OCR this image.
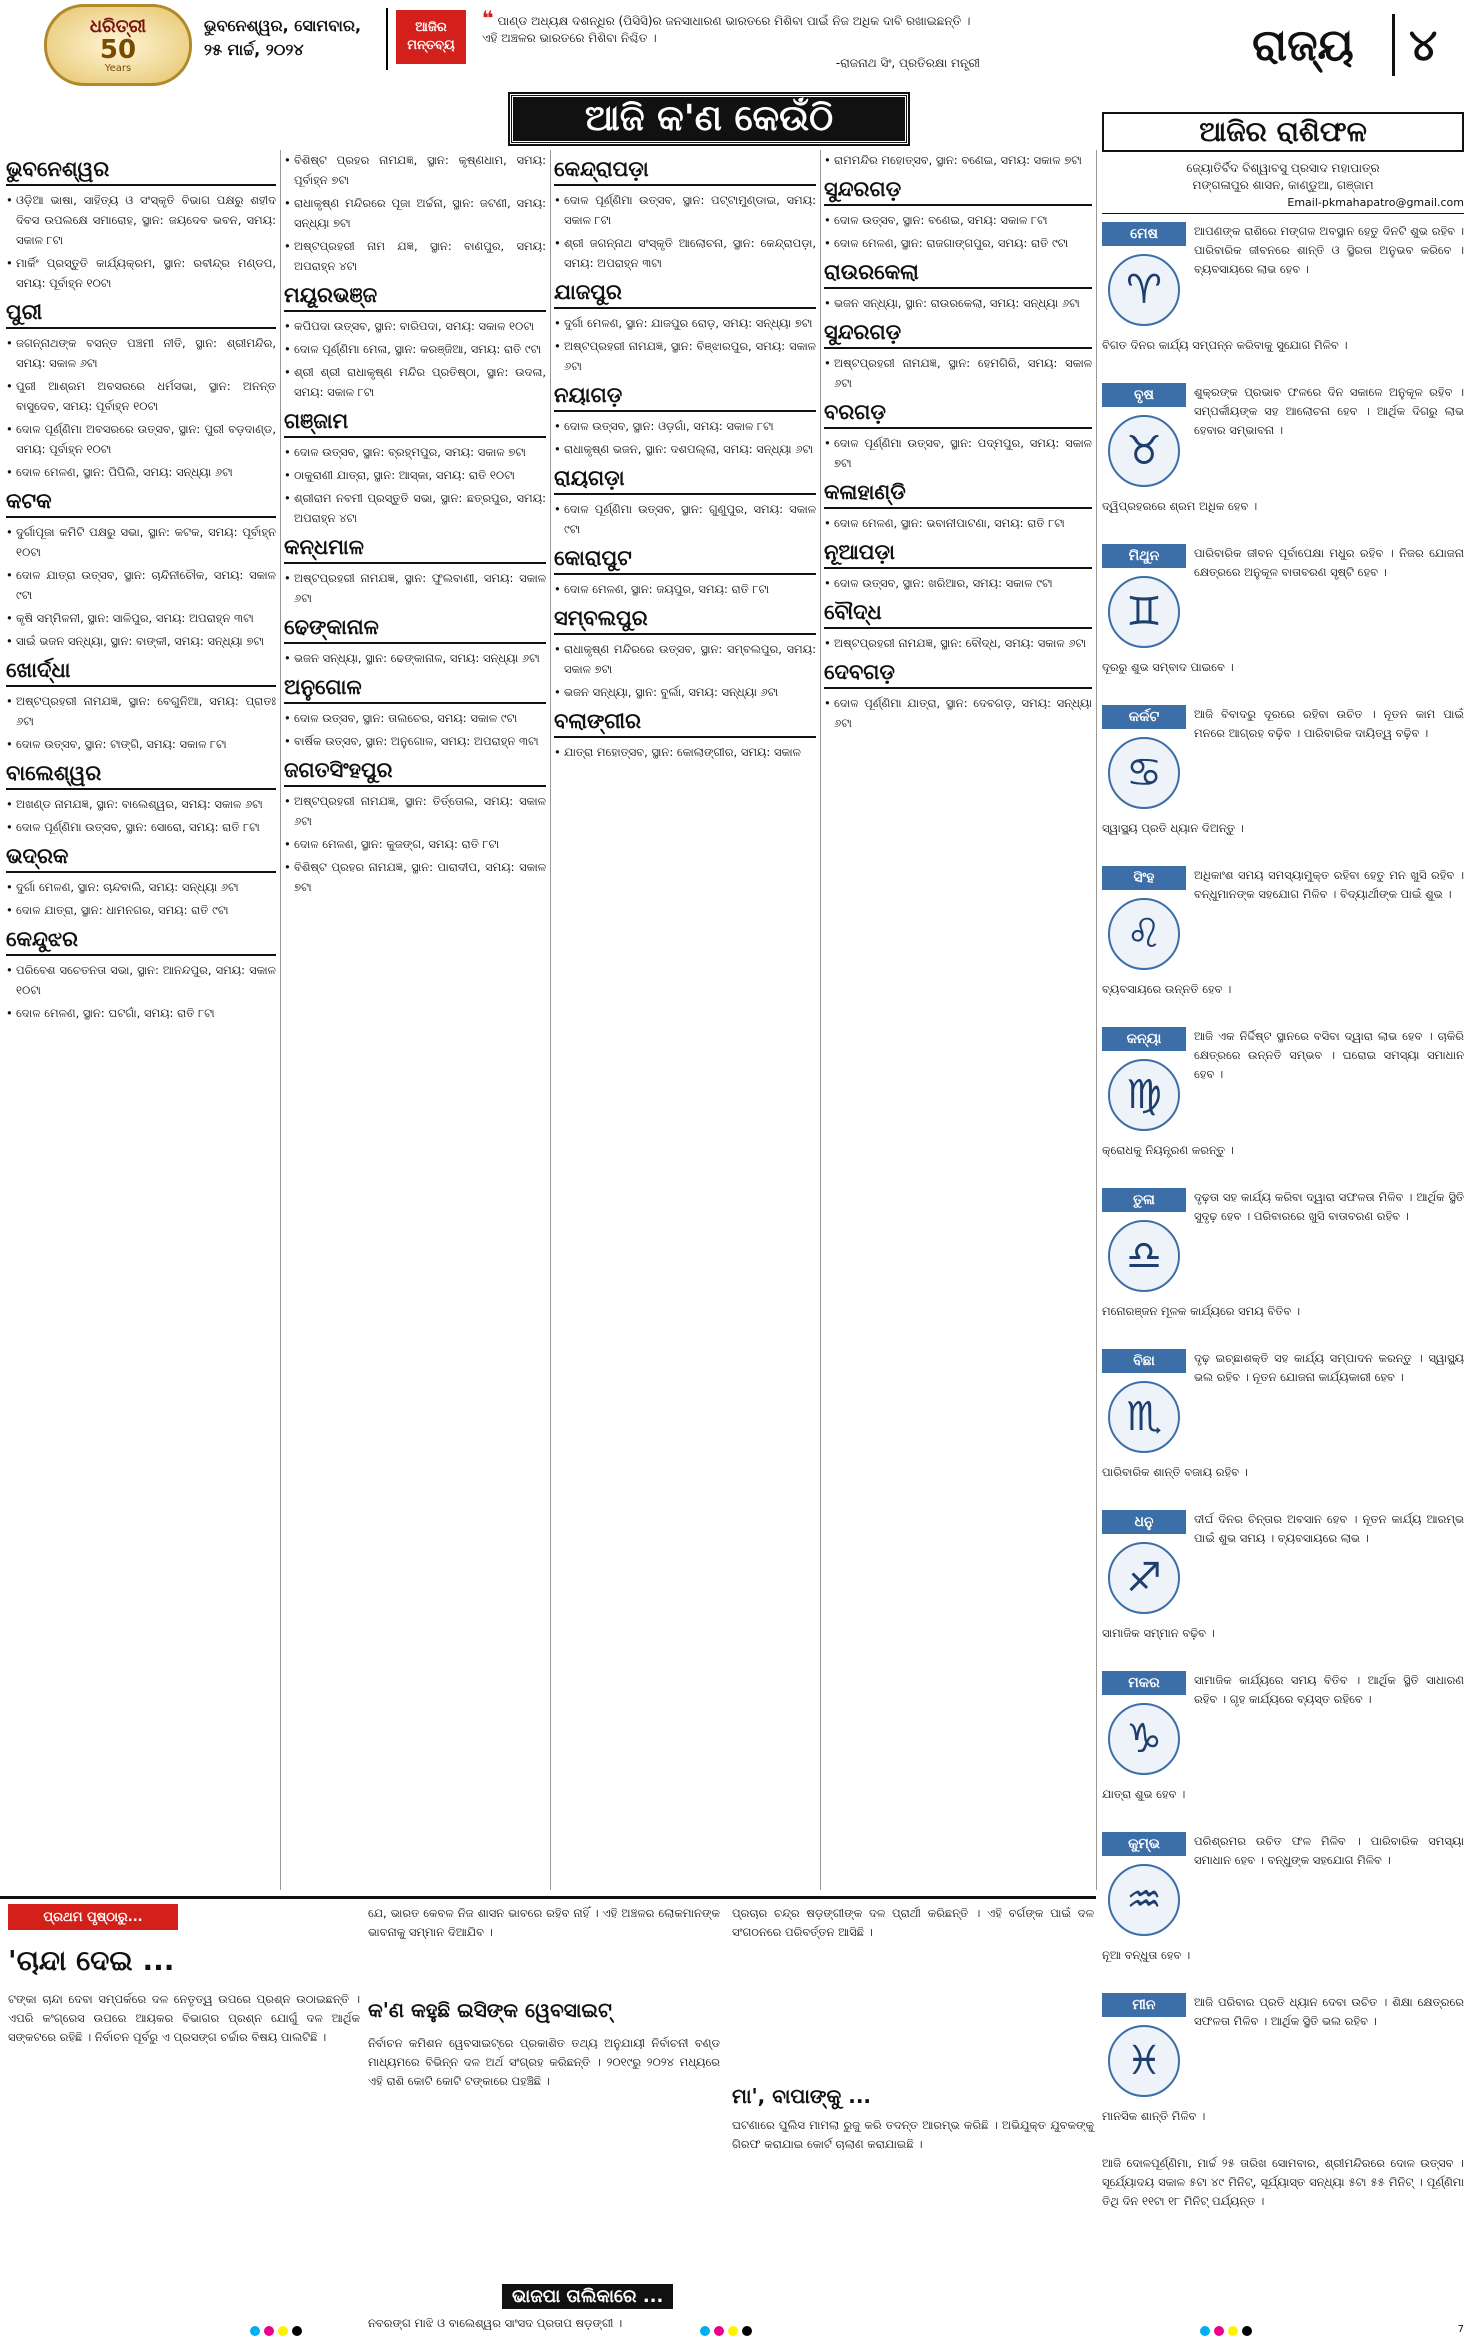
ଧରିତ୍ରୀ
50
Years
ଭୁବନେଶ୍ୱର, ସୋମବାର,
୨୫ ମାର୍ଚ୍ଚ, ୨୦୨୪
ଆଜିର
ମନ୍ତବ୍ୟ
❝ ପାଣ୍ଡ ଅଧ୍ୟକ୍ଷ ଦଶନ୍ଧିର (ପିସିସି)ର ଜନସାଧାରଣ ଭାରତରେ ମିଶିବା ପାଇଁ ନିଜ ଅଧିକ ଦାବି ରଖାଇଛନ୍ତି । ଏହି ଅଞ୍ଚଳର ଭାରତରେ ମିଶିବା ନିଶ୍ଚିତ ।
-ରାଜନାଥ ସିଂ, ପ୍ରତିରକ୍ଷା ମନ୍ତ୍ରୀ	ରାଜ୍ୟ	୪
ଆଜି କ'ଣ କେଉଁଠି
ଭୁବନେଶ୍ୱର
• ଓଡ଼ିଆ ଭାଷା, ସାହିତ୍ୟ ଓ ସଂସ୍କୃତି ବିଭାଗ ପକ୍ଷରୁ ଶହୀଦ ଦିବସ ଉପଲକ୍ଷେ ସମାରୋହ, ସ୍ଥାନ: ଜୟଦେବ ଭବନ, ସମୟ: ସକାଳ ୮ଟା
• ମାର୍କିଂ ପ୍ରସ୍ତୁତି କାର୍ଯ୍ୟକ୍ରମ, ସ୍ଥାନ: ରବୀନ୍ଦ୍ର ମଣ୍ଡପ, ସମୟ: ପୂର୍ବାହ୍ନ ୧୦ଟା
ପୁରୀ
• ଜଗନ୍ନାଥଙ୍କ ବସନ୍ତ ପଞ୍ଚମୀ ନୀତି, ସ୍ଥାନ: ଶ୍ରୀମନ୍ଦିର, ସମୟ: ସକାଳ ୬ଟା
• ପୁରୀ ଆଶ୍ରମ ଅବସରରେ ଧର୍ମସଭା, ସ୍ଥାନ: ଅନନ୍ତ ବାସୁଦେବ, ସମୟ: ପୂର୍ବାହ୍ନ ୧୦ଟା
• ଦୋଳ ପୂର୍ଣ୍ଣିମା ଅବସରରେ ଉତ୍ସବ, ସ୍ଥାନ: ପୁରୀ ବଡ଼ଦାଣ୍ଡ, ସମୟ: ପୂର୍ବାହ୍ନ ୧୦ଟା
• ଦୋଳ ମେଳଣ, ସ୍ଥାନ: ପିପିଲି, ସମୟ: ସନ୍ଧ୍ୟା ୬ଟା
କଟକ
• ଦୁର୍ଗାପୂଜା କମିଟି ପକ୍ଷରୁ ସଭା, ସ୍ଥାନ: କଟକ, ସମୟ: ପୂର୍ବାହ୍ନ ୧୦ଟା
• ଦୋଳ ଯାତ୍ରା ଉତ୍ସବ, ସ୍ଥାନ: ଚାନ୍ଦିନୀଚୌକ, ସମୟ: ସକାଳ ୯ଟା
• କୃଷି ସମ୍ମିଳନୀ, ସ୍ଥାନ: ସାଳିପୁର, ସମୟ: ଅପରାହ୍ନ ୩ଟା
• ସାଇଁ ଭଜନ ସନ୍ଧ୍ୟା, ସ୍ଥାନ: ବାଙ୍କୀ, ସମୟ: ସନ୍ଧ୍ୟା ୭ଟା
ଖୋର୍ଦ୍ଧା
• ଅଷ୍ଟପ୍ରହରୀ ନାମଯଜ୍ଞ, ସ୍ଥାନ: ବେଗୁନିଆ, ସମୟ: ପ୍ରାତଃ ୬ଟା
• ଦୋଳ ଉତ୍ସବ, ସ୍ଥାନ: ଟାଙ୍ଗି, ସମୟ: ସକାଳ ୮ଟା
ବାଲେଶ୍ୱର
• ଅଖଣ୍ଡ ନାମଯଜ୍ଞ, ସ୍ଥାନ: ବାଲେଶ୍ୱର, ସମୟ: ସକାଳ ୬ଟା
• ଦୋଳ ପୂର୍ଣ୍ଣିମା ଉତ୍ସବ, ସ୍ଥାନ: ସୋରୋ, ସମୟ: ରାତି ୮ଟା
ଭଦ୍ରକ
• ଦୁର୍ଗା ମେଳଣ, ସ୍ଥାନ: ଚାନ୍ଦବାଲି, ସମୟ: ସନ୍ଧ୍ୟା ୬ଟା
• ଦୋଳ ଯାତ୍ରା, ସ୍ଥାନ: ଧାମନଗର, ସମୟ: ରାତି ୯ଟା
କେନ୍ଦୁଝର
• ପରିବେଶ ସଚେତନତା ସଭା, ସ୍ଥାନ: ଆନନ୍ଦପୁର, ସମୟ: ସକାଳ ୧୦ଟା
• ଦୋଳ ମେଳଣ, ସ୍ଥାନ: ଘଟଗାଁ, ସମୟ: ରାତି ୮ଟା
• ବିଶିଷ୍ଟ ପ୍ରହର ନାମଯଜ୍ଞ, ସ୍ଥାନ: କୃଷ୍ଣଧାମ, ସମୟ: ପୂର୍ବାହ୍ନ ୭ଟା
• ରାଧାକୃଷ୍ଣ ମନ୍ଦିରରେ ପୂଜା ଅର୍ଚ୍ଚନା, ସ୍ଥାନ: ଜଟଣୀ, ସମୟ: ସନ୍ଧ୍ୟା ୭ଟା
• ଅଷ୍ଟପ୍ରହରୀ ନାମ ଯଜ୍ଞ, ସ୍ଥାନ: ବାଣପୁର, ସମୟ: ଅପରାହ୍ନ ୪ଟା
ମୟୂରଭଞ୍ଜ
• କପିପଦା ଉତ୍ସବ, ସ୍ଥାନ: ବାରିପଦା, ସମୟ: ସକାଳ ୧୦ଟା
• ଦୋଳ ପୂର୍ଣ୍ଣିମା ମେଳା, ସ୍ଥାନ: କରଞ୍ଜିଆ, ସମୟ: ରାତି ୯ଟା
• ଶ୍ରୀ ଶ୍ରୀ ରାଧାକୃଷ୍ଣ ମନ୍ଦିର ପ୍ରତିଷ୍ଠା, ସ୍ଥାନ: ଉଦଳା, ସମୟ: ସକାଳ ୮ଟା
ଗଞ୍ଜାମ
• ଦୋଳ ଉତ୍ସବ, ସ୍ଥାନ: ବ୍ରହ୍ମପୁର, ସମୟ: ସକାଳ ୭ଟା
• ଠାକୁରାଣୀ ଯାତ୍ରା, ସ୍ଥାନ: ଆସ୍କା, ସମୟ: ରାତି ୧୦ଟା
• ଶ୍ରୀରାମ ନବମୀ ପ୍ରସ୍ତୁତି ସଭା, ସ୍ଥାନ: ଛତ୍ରପୁର, ସମୟ: ଅପରାହ୍ନ ୪ଟା
କନ୍ଧମାଳ
• ଅଷ୍ଟପ୍ରହରୀ ନାମଯଜ୍ଞ, ସ୍ଥାନ: ଫୁଲବାଣୀ, ସମୟ: ସକାଳ ୬ଟା
ଢେଙ୍କାନାଳ
• ଭଜନ ସନ୍ଧ୍ୟା, ସ୍ଥାନ: ଢେଙ୍କାନାଳ, ସମୟ: ସନ୍ଧ୍ୟା ୬ଟା
ଅନୁଗୋଳ
• ଦୋଳ ଉତ୍ସବ, ସ୍ଥାନ: ତାଲଚେର, ସମୟ: ସକାଳ ୯ଟା
• ବାର୍ଷିକ ଉତ୍ସବ, ସ୍ଥାନ: ଅନୁଗୋଳ, ସମୟ: ଅପରାହ୍ନ ୩ଟା
ଜଗତସିଂହପୁର
• ଅଷ୍ଟପ୍ରହରୀ ନାମଯଜ୍ଞ, ସ୍ଥାନ: ତିର୍ତ୍ତୋଲ, ସମୟ: ସକାଳ ୬ଟା
• ଦୋଳ ମେଳଣ, ସ୍ଥାନ: କୁଜଙ୍ଗ, ସମୟ: ରାତି ୮ଟା
• ବିଶିଷ୍ଟ ପ୍ରହର ନାମଯଜ୍ଞ, ସ୍ଥାନ: ପାରାଦୀପ, ସମୟ: ସକାଳ ୭ଟା
କେନ୍ଦ୍ରାପଡ଼ା
• ଦୋଳ ପୂର୍ଣ୍ଣିମା ଉତ୍ସବ, ସ୍ଥାନ: ପଟ୍ଟାମୁଣ୍ଡାଇ, ସମୟ: ସକାଳ ୮ଟା
• ଶ୍ରୀ ଜଗନ୍ନାଥ ସଂସ୍କୃତି ଆଲୋଚନା, ସ୍ଥାନ: କେନ୍ଦ୍ରାପଡ଼ା, ସମୟ: ଅପରାହ୍ନ ୩ଟା
ଯାଜପୁର
• ଦୁର୍ଗା ମେଳଣ, ସ୍ଥାନ: ଯାଜପୁର ରୋଡ଼, ସମୟ: ସନ୍ଧ୍ୟା ୭ଟା
• ଅଷ୍ଟପ୍ରହରୀ ନାମଯଜ୍ଞ, ସ୍ଥାନ: ବିଞ୍ଝାରପୁର, ସମୟ: ସକାଳ ୬ଟା
ନୟାଗଡ଼
• ଦୋଳ ଉତ୍ସବ, ସ୍ଥାନ: ଓଡ଼ଗାଁ, ସମୟ: ସକାଳ ୮ଟା
• ରାଧାକୃଷ୍ଣ ଭଜନ, ସ୍ଥାନ: ଦଶପଲ୍ଲା, ସମୟ: ସନ୍ଧ୍ୟା ୬ଟା
ରାୟଗଡ଼ା
• ଦୋଳ ପୂର୍ଣ୍ଣିମା ଉତ୍ସବ, ସ୍ଥାନ: ଗୁଣୁପୁର, ସମୟ: ସକାଳ ୯ଟା
କୋରାପୁଟ
• ଦୋଳ ମେଳଣ, ସ୍ଥାନ: ଜୟପୁର, ସମୟ: ରାତି ୮ଟା
ସମ୍ବଲପୁର
• ରାଧାକୃଷ୍ଣ ମନ୍ଦିରରେ ଉତ୍ସବ, ସ୍ଥାନ: ସମ୍ବଲପୁର, ସମୟ: ସକାଳ ୭ଟା
• ଭଜନ ସନ୍ଧ୍ୟା, ସ୍ଥାନ: ବୁର୍ଲା, ସମୟ: ସନ୍ଧ୍ୟା ୬ଟା
ବଲାଙ୍ଗୀର
• ଯାତ୍ରା ମହୋତ୍ସବ, ସ୍ଥାନ: କୋଲାଙ୍ଗୀର, ସମୟ: ସକାଳ
• ରାମମନ୍ଦିର ମହୋତ୍ସବ, ସ୍ଥାନ: ବଣେଇ, ସମୟ: ସକାଳ ୭ଟା
ସୁନ୍ଦରଗଡ଼
• ଦୋଳ ଉତ୍ସବ, ସ୍ଥାନ: ବଣେଇ, ସମୟ: ସକାଳ ୮ଟା
• ଦୋଳ ମେଳଣ, ସ୍ଥାନ: ରାଜଗାଙ୍ଗପୁର, ସମୟ: ରାତି ୯ଟା
ରାଉରକେଲା
• ଭଜନ ସନ୍ଧ୍ୟା, ସ୍ଥାନ: ରାଉରକେଲା, ସମୟ: ସନ୍ଧ୍ୟା ୬ଟା
ସୁନ୍ଦରଗଡ଼
• ଅଷ୍ଟପ୍ରହରୀ ନାମଯଜ୍ଞ, ସ୍ଥାନ: ହେମଗିରି, ସମୟ: ସକାଳ ୬ଟା
ବରଗଡ଼
• ଦୋଳ ପୂର୍ଣ୍ଣିମା ଉତ୍ସବ, ସ୍ଥାନ: ପଦ୍ମପୁର, ସମୟ: ସକାଳ ୭ଟା
କଳାହାଣ୍ଡି
• ଦୋଳ ମେଳଣ, ସ୍ଥାନ: ଭବାନୀପାଟଣା, ସମୟ: ରାତି ୮ଟା
ନୂଆପଡ଼ା
• ଦୋଳ ଉତ୍ସବ, ସ୍ଥାନ: ଖରିଆର, ସମୟ: ସକାଳ ୯ଟା
ବୌଦ୍ଧ
• ଅଷ୍ଟପ୍ରହରୀ ନାମଯଜ୍ଞ, ସ୍ଥାନ: ବୌଦ୍ଧ, ସମୟ: ସକାଳ ୬ଟା
ଦେବଗଡ଼
• ଦୋଳ ପୂର୍ଣ୍ଣିମା ଯାତ୍ରା, ସ୍ଥାନ: ଦେବଗଡ଼, ସମୟ: ସନ୍ଧ୍ୟା ୬ଟା
ଆଜିର ରାଶିଫଳ
ଜ୍ୟୋତିର୍ବିଦ ବିଶ୍ୱାବସୁ ପ୍ରସାଦ ମହାପାତ୍ର
ମଙ୍ଗଳାପୁର ଶାସନ, କାଣ୍ଡୁଆ, ଗଞ୍ଜାମ
Email-pkmahapatro@gmail.com
ମେଷ
♈
ଆପଣଙ୍କ ରାଶିରେ ମଙ୍ଗଳ ଅବସ୍ଥାନ ହେତୁ ଦିନଟି ଶୁଭ ରହିବ । ପାରିବାରିକ ଜୀବନରେ ଶାନ୍ତି ଓ ସ୍ଥିରତା ଅନୁଭବ କରିବେ । ବ୍ୟବସାୟରେ ଲାଭ ହେବ ।
ବିଗତ ଦିନର କାର୍ଯ୍ୟ ସମ୍ପନ୍ନ କରିବାକୁ ସୁଯୋଗ ମିଳିବ ।
ବୃଷ
♉
ଶୁକ୍ରଙ୍କ ପ୍ରଭାବ ଫଳରେ ଦିନ ସକାଳେ ଅନୁକୂଳ ରହିବ । ସମ୍ପର୍କୀୟଙ୍କ ସହ ଆଲୋଚନା ହେବ । ଆର୍ଥିକ ଦିଗରୁ ଲାଭ ହେବାର ସମ୍ଭାବନା ।
ଦ୍ୱିପ୍ରହରରେ ଶ୍ରମ ଅଧିକ ହେବ ।
ମିଥୁନ
♊
ପାରିବାରିକ ଜୀବନ ପୂର୍ବାପେକ୍ଷା ମଧୁର ରହିବ । ନିଜର ଯୋଜନା କ୍ଷେତ୍ରରେ ଅନୁକୂଳ ବାତାବରଣ ସୃଷ୍ଟି ହେବ ।
ଦୂରରୁ ଶୁଭ ସମ୍ବାଦ ପାଇବେ ।
କର୍କଟ
♋
ଆଜି ବିବାଦରୁ ଦୂରରେ ରହିବା ଉଚିତ । ନୂତନ କାମ ପାଇଁ ମନରେ ଆଗ୍ରହ ବଢ଼ିବ । ପାରିବାରିକ ଦାୟିତ୍ୱ ବଢ଼ିବ ।
ସ୍ୱାସ୍ଥ୍ୟ ପ୍ରତି ଧ୍ୟାନ ଦିଅନ୍ତୁ ।
ସିଂହ
♌
ଅଧିକାଂଶ ସମୟ ସମସ୍ୟାମୁକ୍ତ ରହିବା ହେତୁ ମନ ଖୁସି ରହିବ । ବନ୍ଧୁମାନଙ୍କ ସହଯୋଗ ମିଳିବ । ବିଦ୍ୟାର୍ଥୀଙ୍କ ପାଇଁ ଶୁଭ ।
ବ୍ୟବସାୟରେ ଉନ୍ନତି ହେବ ।
କନ୍ୟା
♍
ଆଜି ଏକ ନିର୍ଦ୍ଦିଷ୍ଟ ସ୍ଥାନରେ ବସିବା ଦ୍ୱାରା ଲାଭ ହେବ । ଚାକିରି କ୍ଷେତ୍ରରେ ଉନ୍ନତି ସମ୍ଭବ । ଘରୋଇ ସମସ୍ୟା ସମାଧାନ ହେବ ।
କ୍ରୋଧକୁ ନିୟନ୍ତ୍ରଣ କରନ୍ତୁ ।
ତୁଳା
♎
ଦୃଢ଼ତା ସହ କାର୍ଯ୍ୟ କରିବା ଦ୍ୱାରା ସଫଳତା ମିଳିବ । ଆର୍ଥିକ ସ୍ଥିତି ସୁଦୃଢ଼ ହେବ । ପରିବାରରେ ଖୁସି ବାତାବରଣ ରହିବ ।
ମନୋରଞ୍ଜନ ମୂଳକ କାର୍ଯ୍ୟରେ ସମୟ ବିତିବ ।
ବିଛା
♏
ଦୃଢ଼ ଇଚ୍ଛାଶକ୍ତି ସହ କାର୍ଯ୍ୟ ସମ୍ପାଦନ କରନ୍ତୁ । ସ୍ୱାସ୍ଥ୍ୟ ଭଲ ରହିବ । ନୂତନ ଯୋଜନା କାର୍ଯ୍ୟକାରୀ ହେବ ।
ପାରିବାରିକ ଶାନ୍ତି ବଜାୟ ରହିବ ।
ଧନୁ
♐
ଦୀର୍ଘ ଦିନର ଚିନ୍ତାର ଅବସାନ ହେବ । ନୂତନ କାର୍ଯ୍ୟ ଆରମ୍ଭ ପାଇଁ ଶୁଭ ସମୟ । ବ୍ୟବସାୟରେ ଲାଭ ।
ସାମାଜିକ ସମ୍ମାନ ବଢ଼ିବ ।
ମକର
♑
ସାମାଜିକ କାର୍ଯ୍ୟରେ ସମୟ ବିତିବ । ଆର୍ଥିକ ସ୍ଥିତି ସାଧାରଣ ରହିବ । ଗୃହ କାର୍ଯ୍ୟରେ ବ୍ୟସ୍ତ ରହିବେ ।
ଯାତ୍ରା ଶୁଭ ହେବ ।
କୁମ୍ଭ
♒
ପରିଶ୍ରମର ଉଚିତ ଫଳ ମିଳିବ । ପାରିବାରିକ ସମସ୍ୟା ସମାଧାନ ହେବ । ବନ୍ଧୁଙ୍କ ସହଯୋଗ ମିଳିବ ।
ନୂଆ ବନ୍ଧୁତା ହେବ ।
ମୀନ
♓
ଆଜି ପରିବାର ପ୍ରତି ଧ୍ୟାନ ଦେବା ଉଚିତ । ଶିକ୍ଷା କ୍ଷେତ୍ରରେ ସଫଳତା ମିଳିବ । ଆର୍ଥିକ ସ୍ଥିତି ଭଲ ରହିବ ।
ମାନସିକ ଶାନ୍ତି ମିଳିବ ।
ପ୍ରଥମ ପୃଷ୍ଠାରୁ...
'ଚାନ୍ଦା ଦେଇ ...
ଟଙ୍କା ଚାନ୍ଦା ଦେବା ସମ୍ପର୍କରେ ଦଳ ନେତୃତ୍ୱ ଉପରେ ପ୍ରଶ୍ନ ଉଠାଇଛନ୍ତି । ଏପରି କଂଗ୍ରେସ ଉପରେ ଆୟକର ବିଭାଗର ପ୍ରଶ୍ନ ଯୋଗୁଁ ଦଳ ଆର୍ଥିକ ସଙ୍କଟରେ ରହିଛି । ନିର୍ବାଚନ ପୂର୍ବରୁ ଏ ପ୍ରସଙ୍ଗ ଚର୍ଚ୍ଚାର ବିଷୟ ପାଲଟିଛି ।
ଯେ, ଭାରତ କେବଳ ନିଜ ଶାସନ ଭାବରେ ରହିବ ନାହିଁ । ଏହି ଅଞ୍ଚଳର ଲୋକମାନଙ୍କ ଭାବନାକୁ ସମ୍ମାନ ଦିଆଯିବ ।
କ'ଣ କହୁଛି ଇସିଙ୍କ ୱେବସାଇଟ୍
ନିର୍ବାଚନ କମିଶନ ୱେବସାଇଟ୍‌ରେ ପ୍ରକାଶିତ ତଥ୍ୟ ଅନୁଯାୟୀ ନିର୍ବାଚନୀ ବଣ୍ଡ ମାଧ୍ୟମରେ ବିଭିନ୍ନ ଦଳ ଅର୍ଥ ସଂଗ୍ରହ କରିଛନ୍ତି । ୨୦୧୯ରୁ ୨୦୨୪ ମଧ୍ୟରେ ଏହି ରାଶି କୋଟି କୋଟି ଟଙ୍କାରେ ପହଞ୍ଚିଛି ।
ପ୍ରଚାର ଚନ୍ଦ୍ର ଷଡ଼ଙ୍ଗୀଙ୍କ ଦଳ ପ୍ରାର୍ଥୀ କରିଛନ୍ତି । ଏହି ବର୍ଗଙ୍କ ପାଇଁ ଦଳ ସଂଗଠନରେ ପରିବର୍ତ୍ତନ ଆସିଛି ।
ମା', ବାପାଙ୍କୁ ...
ଘଟଣାରେ ପୁଲିସ ମାମଲା ରୁଜୁ କରି ତଦନ୍ତ ଆରମ୍ଭ କରିଛି । ଅଭିଯୁକ୍ତ ଯୁବକଙ୍କୁ ଗିରଫ କରାଯାଇ କୋର୍ଟ ଚାଲାଣ କରାଯାଇଛି ।
ଭାଜପା ତାଲିକାରେ ...
ନବରଙ୍ଗ ମାଝି ଓ ବାଲେଶ୍ୱର ସାଂସଦ ପ୍ରତାପ ଷଡ଼ଙ୍ଗୀ ।
ଆଜି ଦୋଳପୂର୍ଣ୍ଣିମା, ମାର୍ଚ୍ଚ ୨୫ ତାରିଖ ସୋମବାର, ଶ୍ରୀମନ୍ଦିରରେ ଦୋଳ ଉତ୍ସବ । ସୂର୍ଯ୍ୟୋଦୟ ସକାଳ ୫ଟା ୪୯ ମିନିଟ୍, ସୂର୍ଯ୍ୟାସ୍ତ ସନ୍ଧ୍ୟା ୫ଟା ୫୫ ମିନିଟ୍ । ପୂର୍ଣ୍ଣିମା ତିଥି ଦିନ ୧୧ଟା ୧୮ ମିନିଟ୍ ପର୍ଯ୍ୟନ୍ତ ।
7
